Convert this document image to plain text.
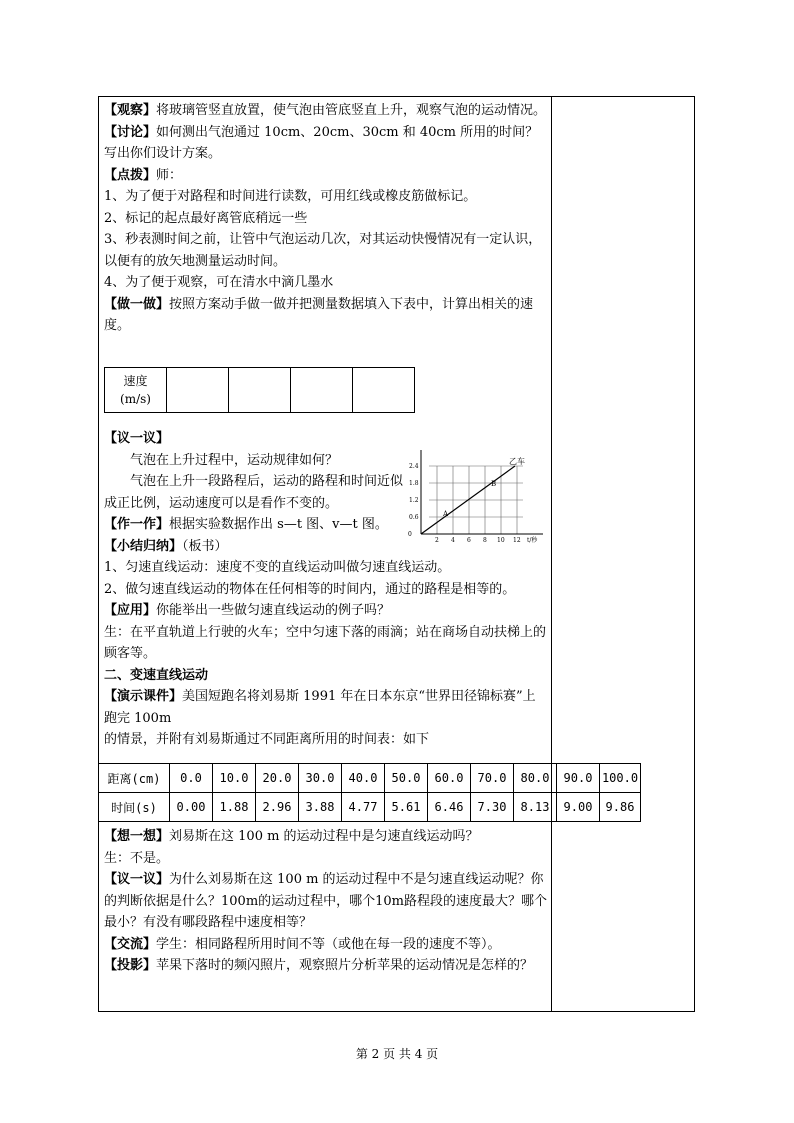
【观察】将玻璃管竖直放置，使气泡由管底竖直上升，观察气泡的运动情况。

【讨论】如何测出气泡通过 10cm、20cm、30cm 和 40cm 所用的时间？写出你们设计方案。

【点拨】师：

1、为了便于对路程和时间进行读数，可用红线或橡皮筋做标记。

2、标记的起点最好离管底稍远一些

3、秒表测时间之前，让管中气泡运动几次，对其运动快慢情况有一定认识，以便有的放矢地测量运动时间。

4、为了便于观察，可在清水中滴几墨水

【做一做】按照方案动手做一做并把测量数据填入下表中，计算出相关的速度。

速度
(m/s)

【议一议】

气泡在上升过程中，运动规律如何？

气泡在上升一段路程后，运动的路程和时间近似成正比例，运动速度可以是看作不变的。

【作一作】根据实验数据作出 s—t 图、v—t 图。

【小结归纳】（板书）

1、匀速直线运动：速度不变的直线运动叫做匀速直线运动。

2、做匀速直线运动的物体在任何相等的时间内，通过的路程是相等的。

【应用】你能举出一些做匀速直线运动的例子吗？

生：在平直轨道上行驶的火车；空中匀速下落的雨滴；站在商场自动扶梯上的顾客等。

二、变速直线运动

【演示课件】美国短跑名将刘易斯 1991 年在日本东京“世界田径锦标赛”上跑完 100m

的情景，并附有刘易斯通过不同距离所用的时间表：如下

乙车
A
B
0
0.6
1.2
1.8
2.4
2 4 6 8 10 12 t/秒
距离(cm)	0.0	10.0	20.0	30.0	40.0	50.0	60.0	70.0	80.0	90.0	100.0
时间(s)	0.00	1.88	2.96	3.88	4.77	5.61	6.46	7.30	8.13	9.00	9.86

【想一想】刘易斯在这 100 m 的运动过程中是匀速直线运动吗？

生：不是。

【议一议】为什么刘易斯在这 100 m 的运动过程中不是匀速直线运动呢？你的判断依据是什么？100m的运动过程中，哪个10m路程段的速度最大？哪个最小？有没有哪段路程中速度相等？

【交流】学生：相同路程所用时间不等（或他在每一段的速度不等）。

【投影】苹果下落时的频闪照片，观察照片分析苹果的运动情况是怎样的？

第 2 页 共 4 页
